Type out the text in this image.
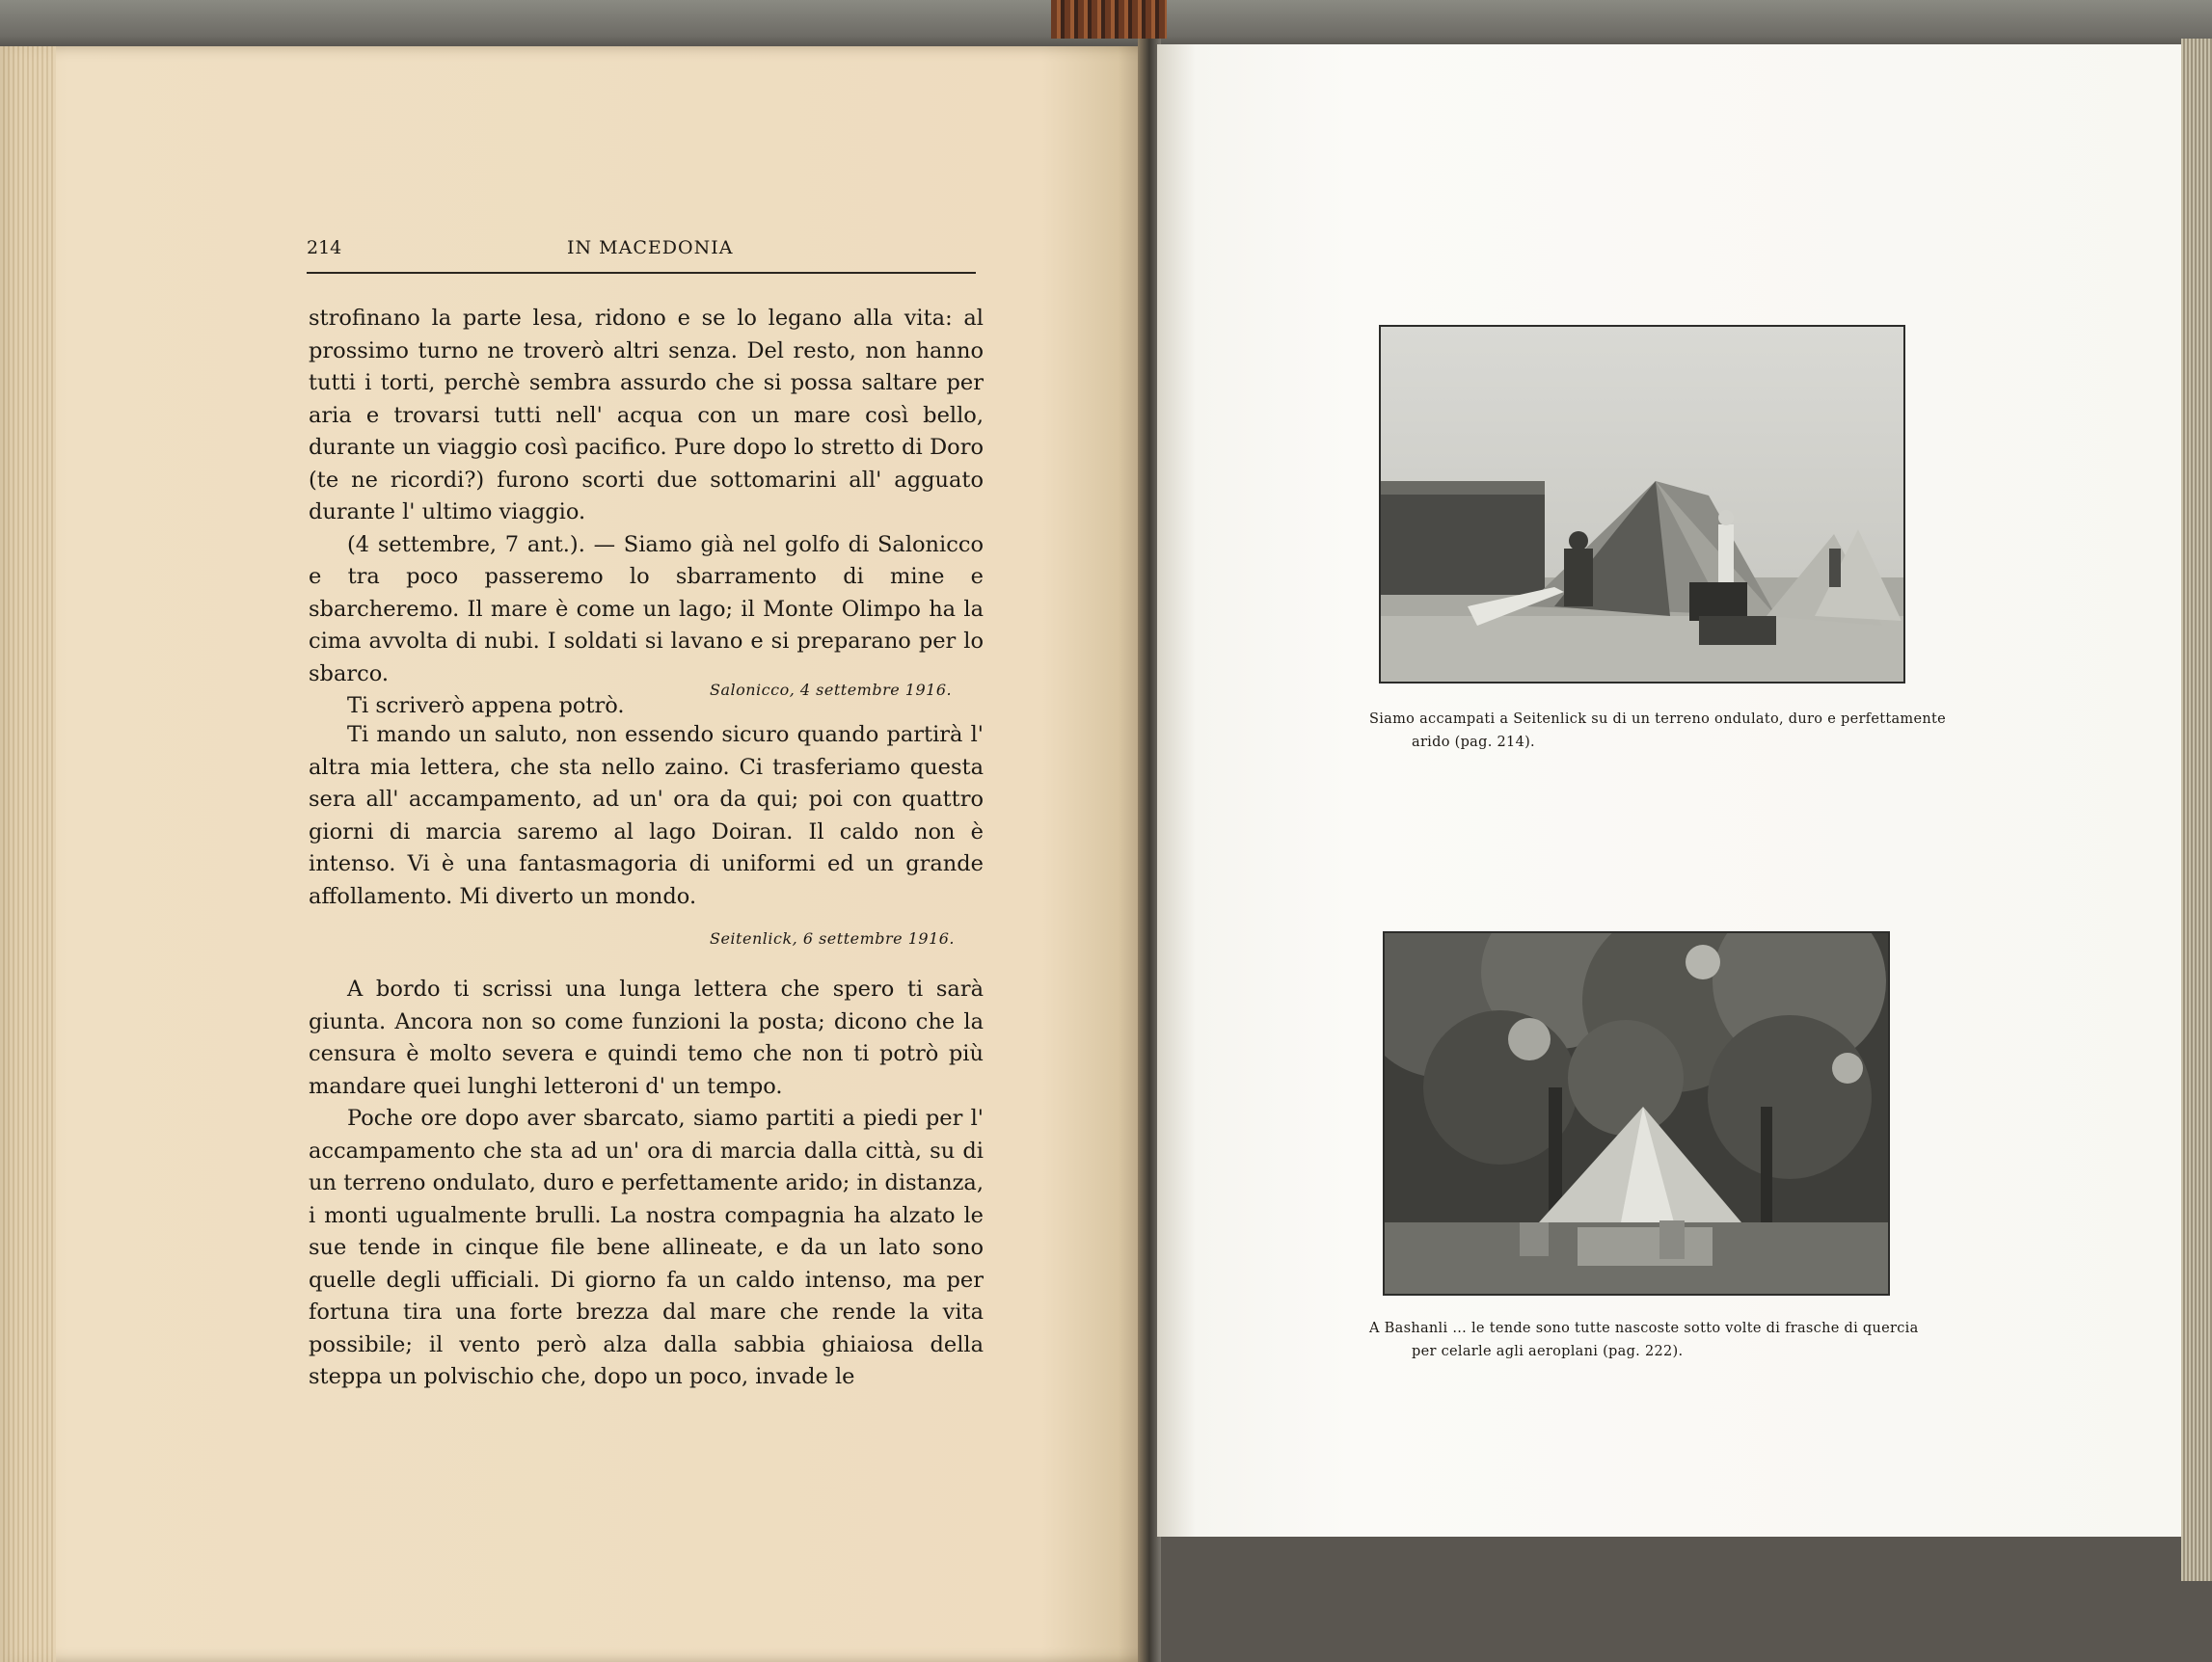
214	IN MACEDONIA

strofinano la parte lesa, ridono e se lo legano alla vita: al prossimo turno ne troverò altri senza. Del resto, non hanno tutti i torti, perchè sembra assurdo che si possa saltare per aria e trovarsi tutti nell' acqua con un mare così bello, durante un viaggio così pacifico. Pure dopo lo stretto di Doro (te ne ricordi?) furono scorti due sottomarini all' agguato durante l' ultimo viaggio.

(4 settembre, 7 ant.). — Siamo già nel golfo di Salonicco e tra poco passeremo lo sbarramento di mine e sbarcheremo. Il mare è come un lago; il Monte Olimpo ha la cima avvolta di nubi. I soldati si lavano e si preparano per lo sbarco.

Ti scriverò appena potrò.

Salonicco, 4 settembre 1916.

Ti mando un saluto, non essendo sicuro quando partirà l' altra mia lettera, che sta nello zaino. Ci trasferiamo questa sera all' accampamento, ad un' ora da qui; poi con quattro giorni di marcia saremo al lago Doiran. Il caldo non è intenso. Vi è una fantasmagoria di uniformi ed un grande affollamento. Mi diverto un mondo.

Seitenlick, 6 settembre 1916.

A bordo ti scrissi una lunga lettera che spero ti sarà giunta. Ancora non so come funzioni la posta; dicono che la censura è molto severa e quindi temo che non ti potrò più mandare quei lunghi letteroni d' un tempo.

Poche ore dopo aver sbarcato, siamo partiti a piedi per l' accampamento che sta ad un' ora di marcia dalla città, su di un terreno ondulato, duro e perfettamente arido; in distanza, i monti ugualmente brulli. La nostra compagnia ha alzato le sue tende in cinque file bene allineate, e da un lato sono quelle degli ufficiali. Di giorno fa un caldo intenso, ma per fortuna tira una forte brezza dal mare che rende la vita possibile; il vento però alza dalla sabbia ghiaiosa della steppa un polvischio che, dopo un poco, invade le

Siamo accampati a Seitenlick su di un terreno ondulato, duro e perfettamente
arido (pag. 214).
A Bashanli ... le tende sono tutte nascoste sotto volte di frasche di quercia
per celarle agli aeroplani (pag. 222).
